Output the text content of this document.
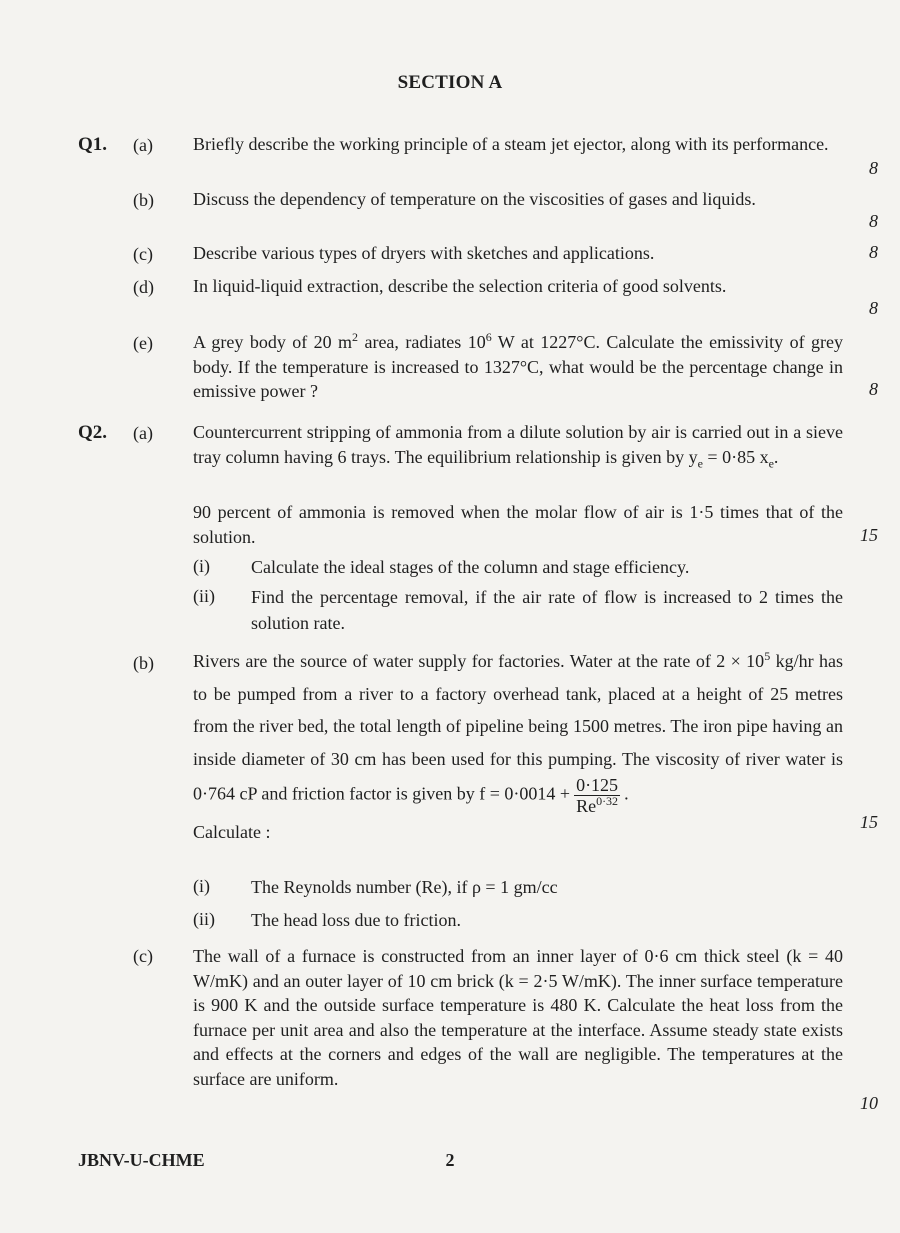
SECTION A
Q1. (a) Briefly describe the working principle of a steam jet ejector, along with its performance.
8
(b) Discuss the dependency of temperature on the viscosities of gases and liquids.
8
(c) Describe various types of dryers with sketches and applications.	8
(d) In liquid-liquid extraction, describe the selection criteria of good solvents.
8
(e) A grey body of 20 $m^2$ area, radiates $10^6$ W at 1227°C. Calculate the emissivity of grey body. If the temperature is increased to 1327°C, what would be the percentage change in emissive power ?	8
Q2. (a) Countercurrent stripping of ammonia from a dilute solution by air is carried out in a sieve tray column having 6 trays. The equilibrium relationship is given by $y_e = 0\cdot 85$ $x_e$.
90 percent of ammonia is removed when the molar flow of air is 1·5 times that of the solution.	15
(i) Calculate the ideal stages of the column and stage efficiency.
(ii) Find the percentage removal, if the air rate of flow is increased to 2 times the solution rate.
(b) Rivers are the source of water supply for factories. Water at the rate of $2 \times 10^5$ kg/hr has to be pumped from a river to a factory overhead tank, placed at a height of 25 metres from the river bed, the total length of pipeline being 1500 metres. The iron pipe having an inside diameter of 30 cm has been used for this pumping. The viscosity of river water is 0·764 cP and friction factor is given by $f = 0\cdot 0014 + \frac{0\cdot 125}{Re^{0\cdot 32}}$ .
Calculate :	15
(i) The Reynolds number (Re), if ρ = 1 gm/cc
(ii) The head loss due to friction.
(c) The wall of a furnace is constructed from an inner layer of 0·6 cm thick steel (k = 40 W/mK) and an outer layer of 10 cm brick (k = 2·5 W/mK). The inner surface temperature is 900 K and the outside surface temperature is 480 K. Calculate the heat loss from the furnace per unit area and also the temperature at the interface. Assume steady state exists and effects at the corners and edges of the wall are negligible. The temperatures at the surface are uniform.
10
JBNV-U-CHME	2
